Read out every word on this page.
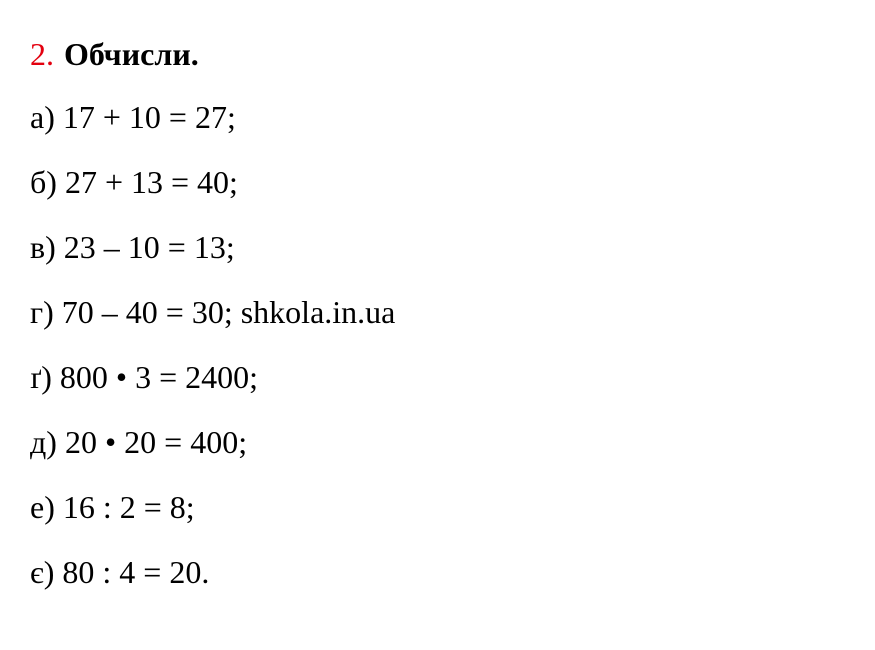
2. Обчисли.
а) 17 + 10 = 27;
б) 27 + 13 = 40;
в) 23 – 10 = 13;
г) 70 – 40 = 30; shkola.in.ua
ґ) 800 • 3 = 2400;
д) 20 • 20 = 400;
е) 16 : 2 = 8;
є) 80 : 4 = 20.
